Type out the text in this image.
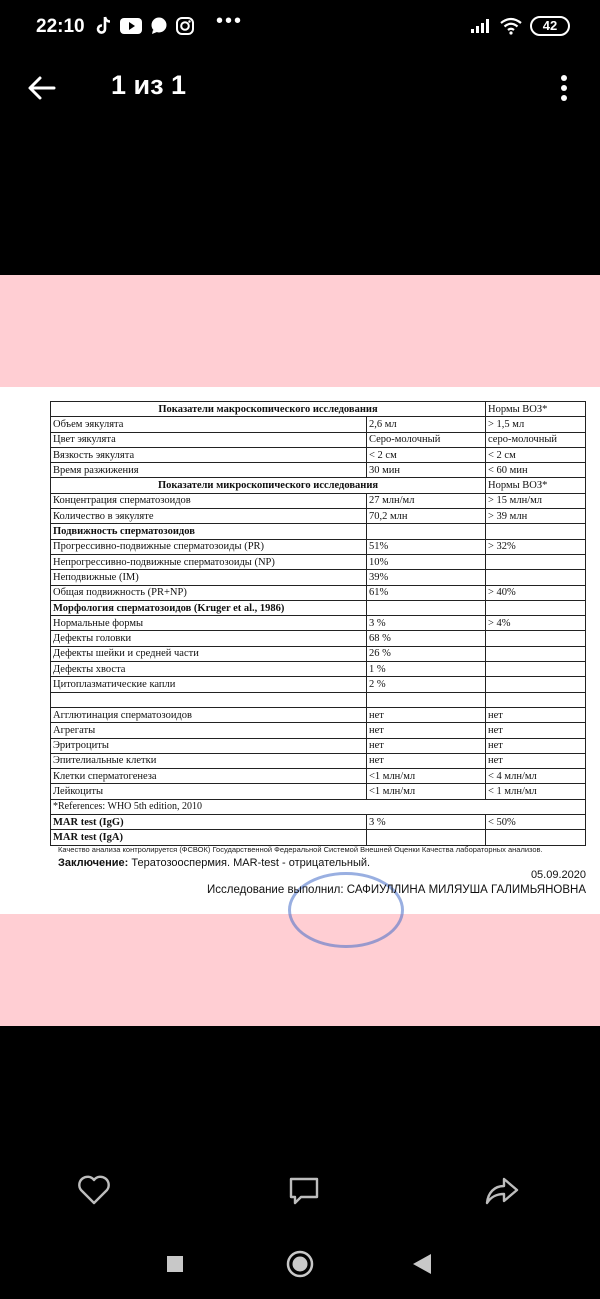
22:10	•••	42
1 из 1
Показатели макроскопического исследования		Нормы ВОЗ*
Объем эякулята	2,6 мл	> 1,5 мл
Цвет эякулята	Серо-молочный	серо-молочный
Вязкость эякулята	< 2 см	< 2 см
Время разжижения	30 мин	< 60 мин
Показатели микроскопического исследования		Нормы ВОЗ*
Концентрация сперматозоидов	27 млн/мл	> 15 млн/мл
Количество в эякуляте	70,2 млн	> 39 млн
Подвижность сперматозоидов		
Прогрессивно-подвижные сперматозоиды (PR)	51%	> 32%
Непрогрессивно-подвижные сперматозоиды (NP)	10%	
Неподвижные (IM)	39%	
Общая подвижность (PR+NP)	61%	> 40%
Морфология сперматозоидов (Kruger et al., 1986)		
Нормальные формы	3 %	> 4%
Дефекты головки	68 %	
Дефекты шейки и средней части	26 %	
Дефекты хвоста	1 %	
Цитоплазматические капли	2 %	

Агглютинация сперматозоидов	нет	нет
Агрегаты	нет	нет
Эритроциты	нет	нет
Эпителиальные клетки	нет	нет
Клетки сперматогенеза	<1 млн/мл	< 4 млн/мл
Лейкоциты	<1 млн/мл	< 1 млн/мл
*References: WHO 5th edition, 2010		
MAR test (IgG)	3 %	< 50%
MAR test (IgA)		
Качество анализа контролируется (ФСВОК) Государственной Федеральной Системой Внешней Оценки Качества лабораторных анализов.
Заключение: Тератозооспермия. MAR-test - отрицательный.
05.09.2020
Исследование выполнил: САФИУЛЛИНА МИЛЯУША ГАЛИМЬЯНОВНА
